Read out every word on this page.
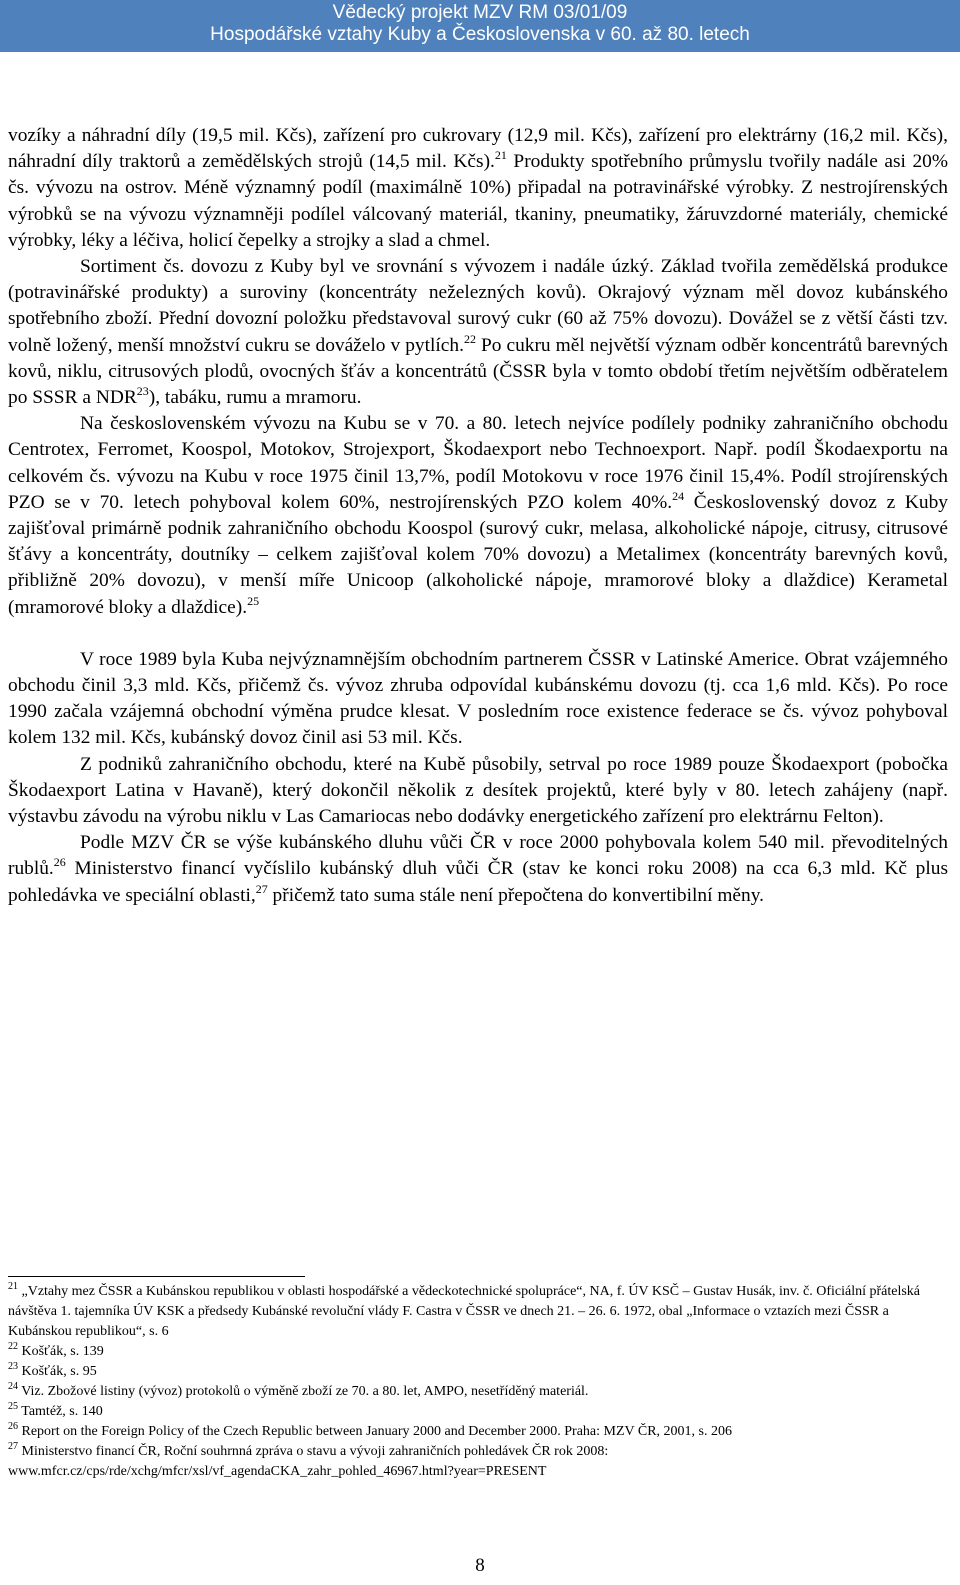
Vědecký projekt MZV RM 03/01/09
Hospodářské vztahy Kuby a Československa v 60. až 80. letech

vozíky a náhradní díly (19,5 mil. Kčs), zařízení pro cukrovary (12,9 mil. Kčs), zařízení pro elektrárny (16,2 mil. Kčs), náhradní díly traktorů a zemědělských strojů (14,5 mil. Kčs).$^{21}$ Produkty spotřebního průmyslu tvořily nadále asi 20% čs. vývozu na ostrov. Méně významný podíl (maximálně 10%) připadal na potravinářské výrobky. Z nestrojírenských výrobků se na vývozu významněji podílel válcovaný materiál, tkaniny, pneumatiky, žáruvzdorné materiály, chemické výrobky, léky a léčiva, holicí čepelky a strojky a slad a chmel.

Sortiment čs. dovozu z Kuby byl ve srovnání s vývozem i nadále úzký. Základ tvořila zemědělská produkce (potravinářské produkty) a suroviny (koncentráty neželezných kovů). Okrajový význam měl dovoz kubánského spotřebního zboží. Přední dovozní položku představoval surový cukr (60 až 75% dovozu). Dovážel se z větší části tzv. volně ložený, menší množství cukru se dováželo v pytlích.$^{22}$ Po cukru měl největší význam odběr koncentrátů barevných kovů, niklu, citrusových plodů, ovocných šťáv a koncentrátů (ČSSR byla v tomto období třetím největším odběratelem po SSSR a NDR$^{23}$), tabáku, rumu a mramoru.

Na československém vývozu na Kubu se v 70. a 80. letech nejvíce podílely podniky zahraničního obchodu Centrotex, Ferromet, Koospol, Motokov, Strojexport, Škodaexport nebo Technoexport. Např. podíl Škodaexportu na celkovém čs. vývozu na Kubu v roce 1975 činil 13,7%, podíl Motokovu v roce 1976 činil 15,4%. Podíl strojírenských PZO se v 70. letech pohyboval kolem 60%, nestrojírenských PZO kolem 40%.$^{24}$ Československý dovoz z Kuby zajišťoval primárně podnik zahraničního obchodu Koospol (surový cukr, melasa, alkoholické nápoje, citrusy, citrusové šťávy a koncentráty, doutníky – celkem zajišťoval kolem 70% dovozu) a Metalimex (koncentráty barevných kovů, přibližně 20% dovozu), v menší míře Unicoop (alkoholické nápoje, mramorové bloky a dlaždice) Kerametal (mramorové bloky a dlaždice).$^{25}$

V roce 1989 byla Kuba nejvýznamnějším obchodním partnerem ČSSR v Latinské Americe. Obrat vzájemného obchodu činil 3,3 mld. Kčs, přičemž čs. vývoz zhruba odpovídal kubánskému dovozu (tj. cca 1,6 mld. Kčs). Po roce 1990 začala vzájemná obchodní výměna prudce klesat. V posledním roce existence federace se čs. vývoz pohyboval kolem 132 mil. Kčs, kubánský dovoz činil asi 53 mil. Kčs.

Z podniků zahraničního obchodu, které na Kubě působily, setrval po roce 1989 pouze Škodaexport (pobočka Škodaexport Latina v Havaně), který dokončil několik z desítek projektů, které byly v 80. letech zahájeny (např. výstavbu závodu na výrobu niklu v Las Camariocas nebo dodávky energetického zařízení pro elektrárnu Felton).

Podle MZV ČR se výše kubánského dluhu vůči ČR v roce 2000 pohybovala kolem 540 mil. převoditelných rublů.$^{26}$ Ministerstvo financí vyčíslilo kubánský dluh vůči ČR (stav ke konci roku 2008) na cca 6,3 mld. Kč plus pohledávka ve speciální oblasti,$^{27}$ přičemž tato suma stále není přepočtena do konvertibilní měny.

$^{21}$ „Vztahy mez ČSSR a Kubánskou republikou v oblasti hospodářské a vědeckotechnické spolupráce“, NA, f. ÚV KSČ – Gustav Husák, inv. č. Oficiální přátelská návštěva 1. tajemníka ÚV KSK a předsedy Kubánské revoluční vlády F. Castra v ČSSR ve dnech 21. – 26. 6. 1972, obal „Informace o vztazích mezi ČSSR a Kubánskou republikou“, s. 6

$^{22}$ Košťák, s. 139

$^{23}$ Košťák, s. 95

$^{24}$ Viz. Zbožové listiny (vývoz) protokolů o výměně zboží ze 70. a 80. let, AMPO, nesetříděný materiál.

$^{25}$ Tamtéž, s. 140

$^{26}$ Report on the Foreign Policy of the Czech Republic between January 2000 and December 2000. Praha: MZV ČR, 2001, s. 206

$^{27}$ Ministerstvo financí ČR, Roční souhrnná zpráva o stavu a vývoji zahraničních pohledávek ČR rok 2008: www.mfcr.cz/cps/rde/xchg/mfcr/xsl/vf_agendaCKA_zahr_pohled_46967.html?year=PRESENT

8
